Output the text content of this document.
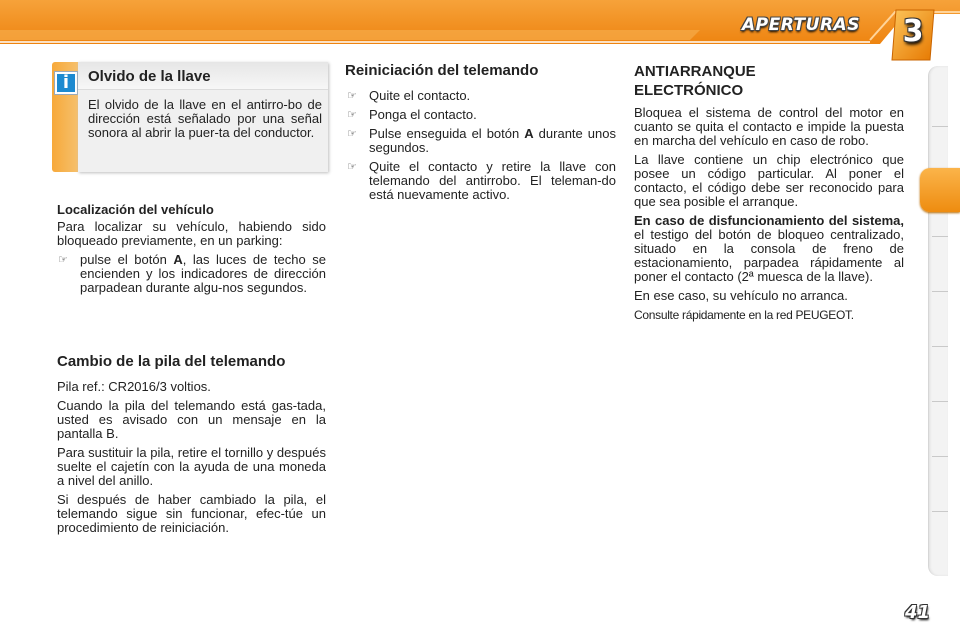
APERTURAS	3
i	Olvido de la llave
El olvido de la llave en el antirro-bo de dirección está señalado por una señal sonora al abrir la puer-ta del conductor.
Localización del vehículo

Para localizar su vehículo, habiendo sido bloqueado previamente, en un parking:

☞ pulse el botón A, las luces de techo se encienden y los indicadores de dirección parpadean durante algu-nos segundos.
Cambio de la pila del telemando

Pila ref.: CR2016/3 voltios.

Cuando la pila del telemando está gas-tada, usted es avisado con un mensaje en la pantalla B.

Para sustituir la pila, retire el tornillo y después suelte el cajetín con la ayuda de una moneda a nivel del anillo.

Si después de haber cambiado la pila, el telemando sigue sin funcionar, efec-túe un procedimiento de reiniciación.

Reiniciación del telemando
☞ Quite el contacto.
☞ Ponga el contacto.
☞ Pulse enseguida el botón A durante unos segundos.
☞ Quite el contacto y retire la llave con telemando del antirrobo. El teleman-do está nuevamente activo.
ANTIARRANQUE
ELECTRÓNICO

Bloquea el sistema de control del motor en cuanto se quita el contacto e impide la puesta en marcha del vehículo en caso de robo.

La llave contiene un chip electrónico que posee un código particular. Al poner el contacto, el código debe ser reconocido para que sea posible el arranque.

En caso de disfuncionamiento del sistema, el testigo del botón de bloqueo centralizado, situado en la consola de freno de estacionamiento, parpadea rápidamente al poner el contacto (2ª muesca de la llave).

En ese caso, su vehículo no arranca.

Consulte rápidamente en la red PEUGEOT.

41
